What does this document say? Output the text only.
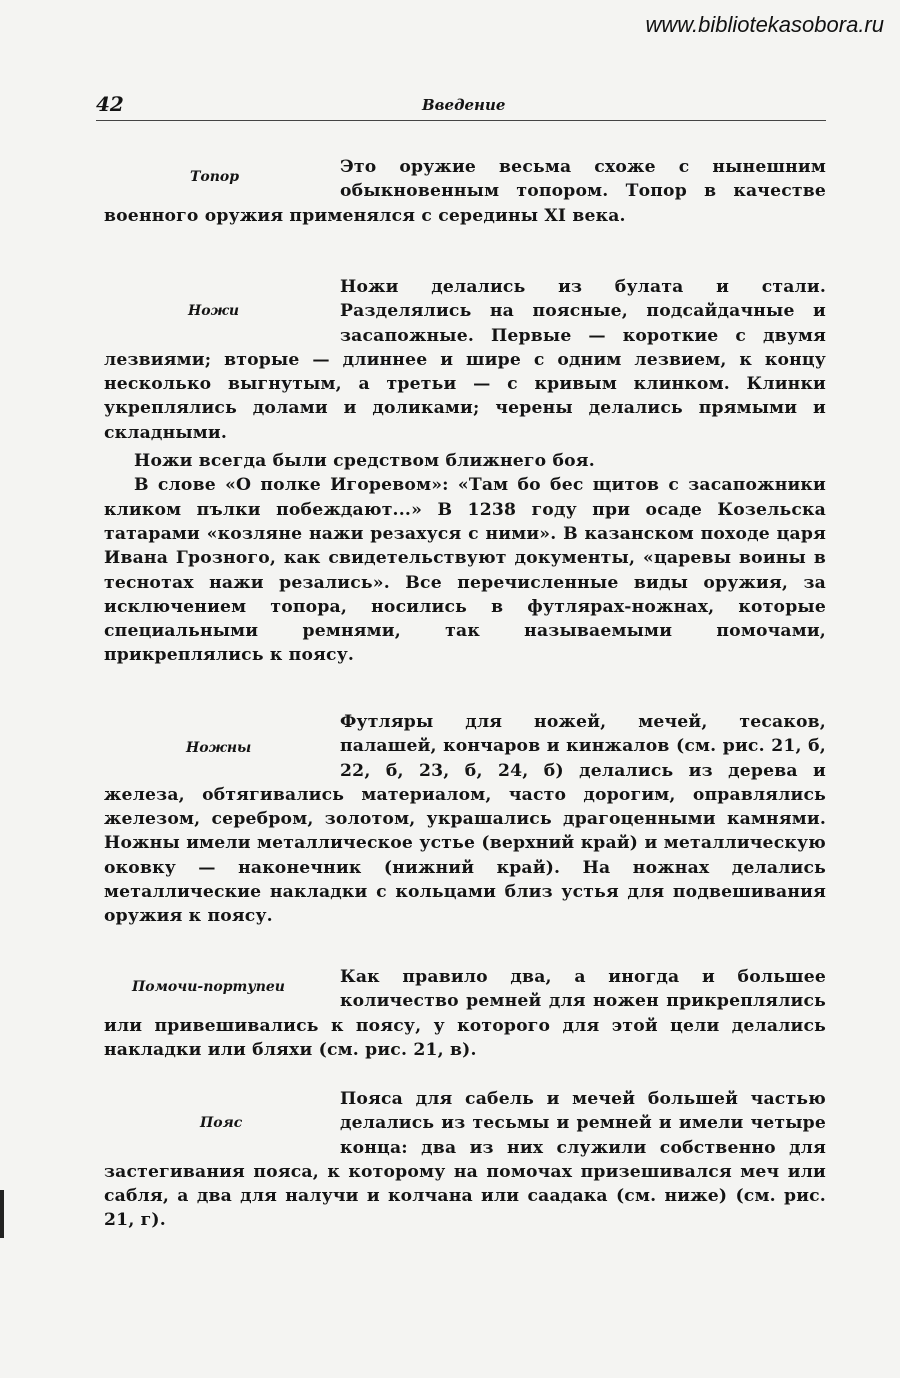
www.bibliotekasobora.ru
42	Введение
Топор	Это оружие весьма схоже с нынешним обыкновенным топором. Топор в качестве военного оружия применялся с середины XI века.

Ножи

Ножи делались из булата и стали. Разделялись на поясные, подсайдачные и засапожные. Первые — короткие с двумя лезвиями; вторые — длиннее и шире с одним лезвием, к концу несколько выгнутым, а третьи — с кривым клинком. Клинки укреплялись долами и доликами; черены делались прямыми и складными.

Ножи всегда были средством ближнего боя.

В слове «О полке Игоревом»: «Там бо бес щитов с засапожники кликом пълки побеждают...» В 1238 году при осаде Козельска татарами «козляне нажи резахуся с ними». В казанском походе царя Ивана Грозного, как свидетельствуют документы, «царевы воины в теснотах нажи резались». Все перечисленные виды оружия, за исключением топора, носились в футлярах-ножнах, которые специальными ремнями, так называемыми помочами, прикреплялись к поясу.

Ножны

Футляры для ножей, мечей, тесаков, палашей, кончаров и кинжалов (см. рис. 21, б, 22, б, 23, б, 24, б) делались из дерева и железа, обтягивались материалом, часто дорогим, оправлялись железом, серебром, золотом, украшались драгоценными камнями. Ножны имели металлическое устье (верхний край) и металлическую оковку — наконечник (нижний край). На ножнах делались металлические накладки с кольцами близ устья для подвешивания оружия к поясу.

Помочи-портупеи	Как правило два, а иногда и большее количество ремней для ножен прикреплялись или привешивались к поясу, у которого для этой цели делались накладки или бляхи (см. рис. 21, в).

Пояс

Пояса для сабель и мечей большей частью делались из тесьмы и ремней и имели четыре конца: два из них служили собственно для застегивания пояса, к которому на помочах призешивался меч или сабля, а два для налучи и колчана или саадака (см. ниже) (см. рис. 21, г).
